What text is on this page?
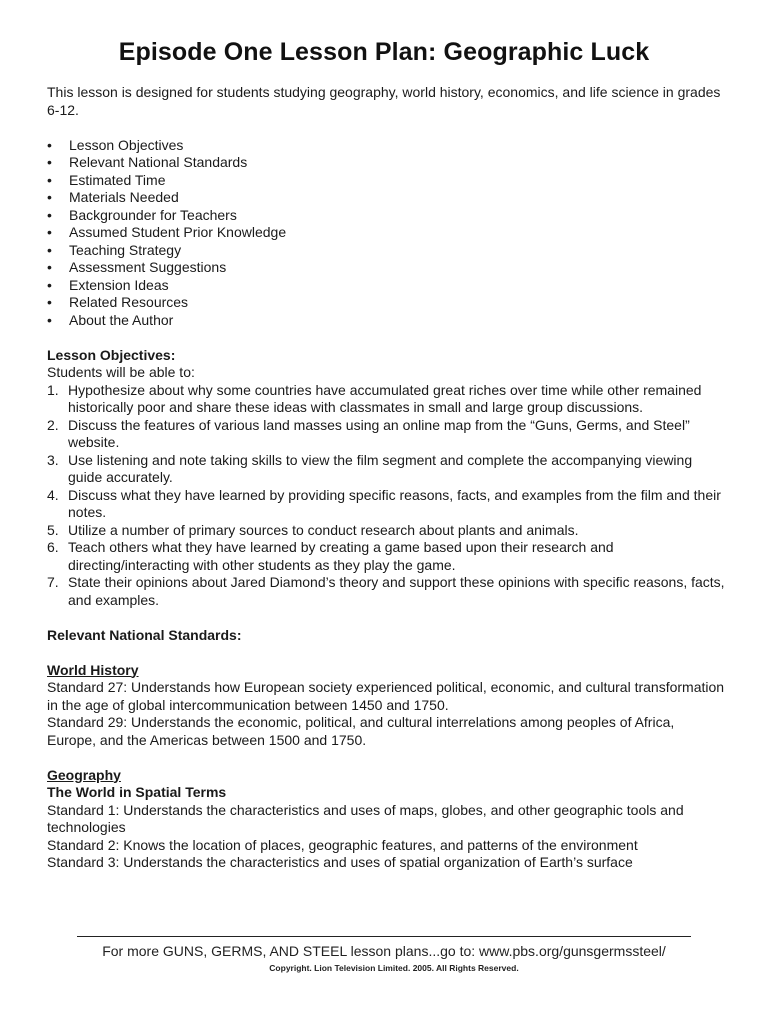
Episode One Lesson Plan: Geographic Luck

This lesson is designed for students studying geography, world history, economics, and life science in grades 6-12.

• Lesson Objectives
• Relevant National Standards
• Estimated Time
• Materials Needed
• Backgrounder for Teachers
• Assumed Student Prior Knowledge
• Teaching Strategy
• Assessment Suggestions
• Extension Ideas
• Related Resources
• About the Author

Lesson Objectives:

Students will be able to:

1. Hypothesize about why some countries have accumulated great riches over time while other remained historically poor and share these ideas with classmates in small and large group discussions.
2. Discuss the features of various land masses using an online map from the “Guns, Germs, and Steel” website.
3. Use listening and note taking skills to view the film segment and complete the accompanying viewing guide accurately.
4. Discuss what they have learned by providing specific reasons, facts, and examples from the film and their notes.
5. Utilize a number of primary sources to conduct research about plants and animals.
6. Teach others what they have learned by creating a game based upon their research and directing/interacting with other students as they play the game.
7. State their opinions about Jared Diamond’s theory and support these opinions with specific reasons, facts, and examples.

Relevant National Standards:

World History

Standard 27: Understands how European society experienced political, economic, and cultural transformation in the age of global intercommunication between 1450 and 1750.

Standard 29: Understands the economic, political, and cultural interrelations among peoples of Africa, Europe, and the Americas between 1500 and 1750.

Geography

The World in Spatial Terms

Standard 1: Understands the characteristics and uses of maps, globes, and other geographic tools and technologies

Standard 2: Knows the location of places, geographic features, and patterns of the environment

Standard 3: Understands the characteristics and uses of spatial organization of Earth’s surface

For more GUNS, GERMS, AND STEEL lesson plans...go to: www.pbs.org/gunsgermssteel/
Copyright. Lion Television Limited. 2005. All Rights Reserved.
